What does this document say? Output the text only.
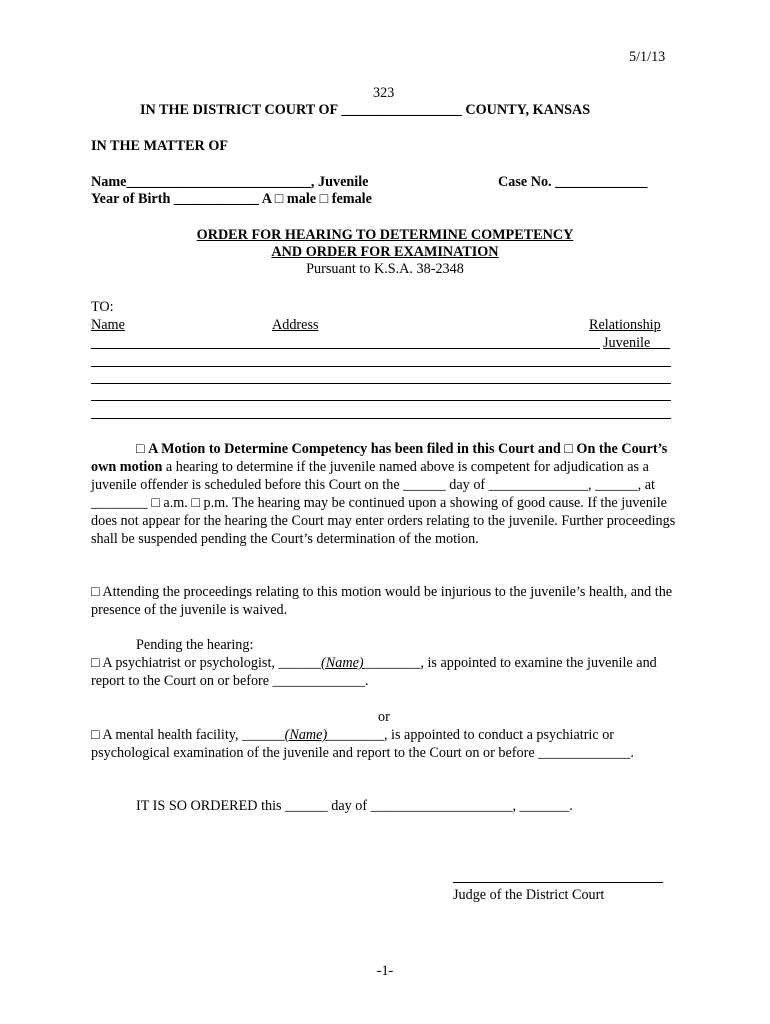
5/1/13
323
IN THE DISTRICT COURT OF _________________ COUNTY, KANSAS
IN THE MATTER OF
Name__________________________, Juvenile	Case No. _____________
Year of Birth ____________ A □ male □ female
ORDER FOR HEARING TO DETERMINE COMPETENCY
AND ORDER FOR EXAMINATION
Pursuant to K.S.A. 38-2348
TO:
Name	Address	Relationship
Juvenile
□ A Motion to Determine Competency has been filed in this Court and □ On the Court’s own motion a hearing to determine if the juvenile named above is competent for adjudication as a juvenile offender is scheduled before this Court on the ______ day of ______________, ______, at ________ □ a.m. □ p.m. The hearing may be continued upon a showing of good cause. If the juvenile does not appear for the hearing the Court may enter orders relating to the juvenile. Further proceedings shall be suspended pending the Court’s determination of the motion.
□ Attending the proceedings relating to this motion would be injurious to the juvenile’s health, and the presence of the juvenile is waived.
Pending the hearing:
□ A psychiatrist or psychologist, ______(Name)________, is appointed to examine the juvenile and report to the Court on or before _____________.
or
□ A mental health facility, ______(Name)________, is appointed to conduct a psychiatric or psychological examination of the juvenile and report to the Court on or before _____________.
IT IS SO ORDERED this ______ day of ____________________, _______.
Judge of the District Court
-1-
